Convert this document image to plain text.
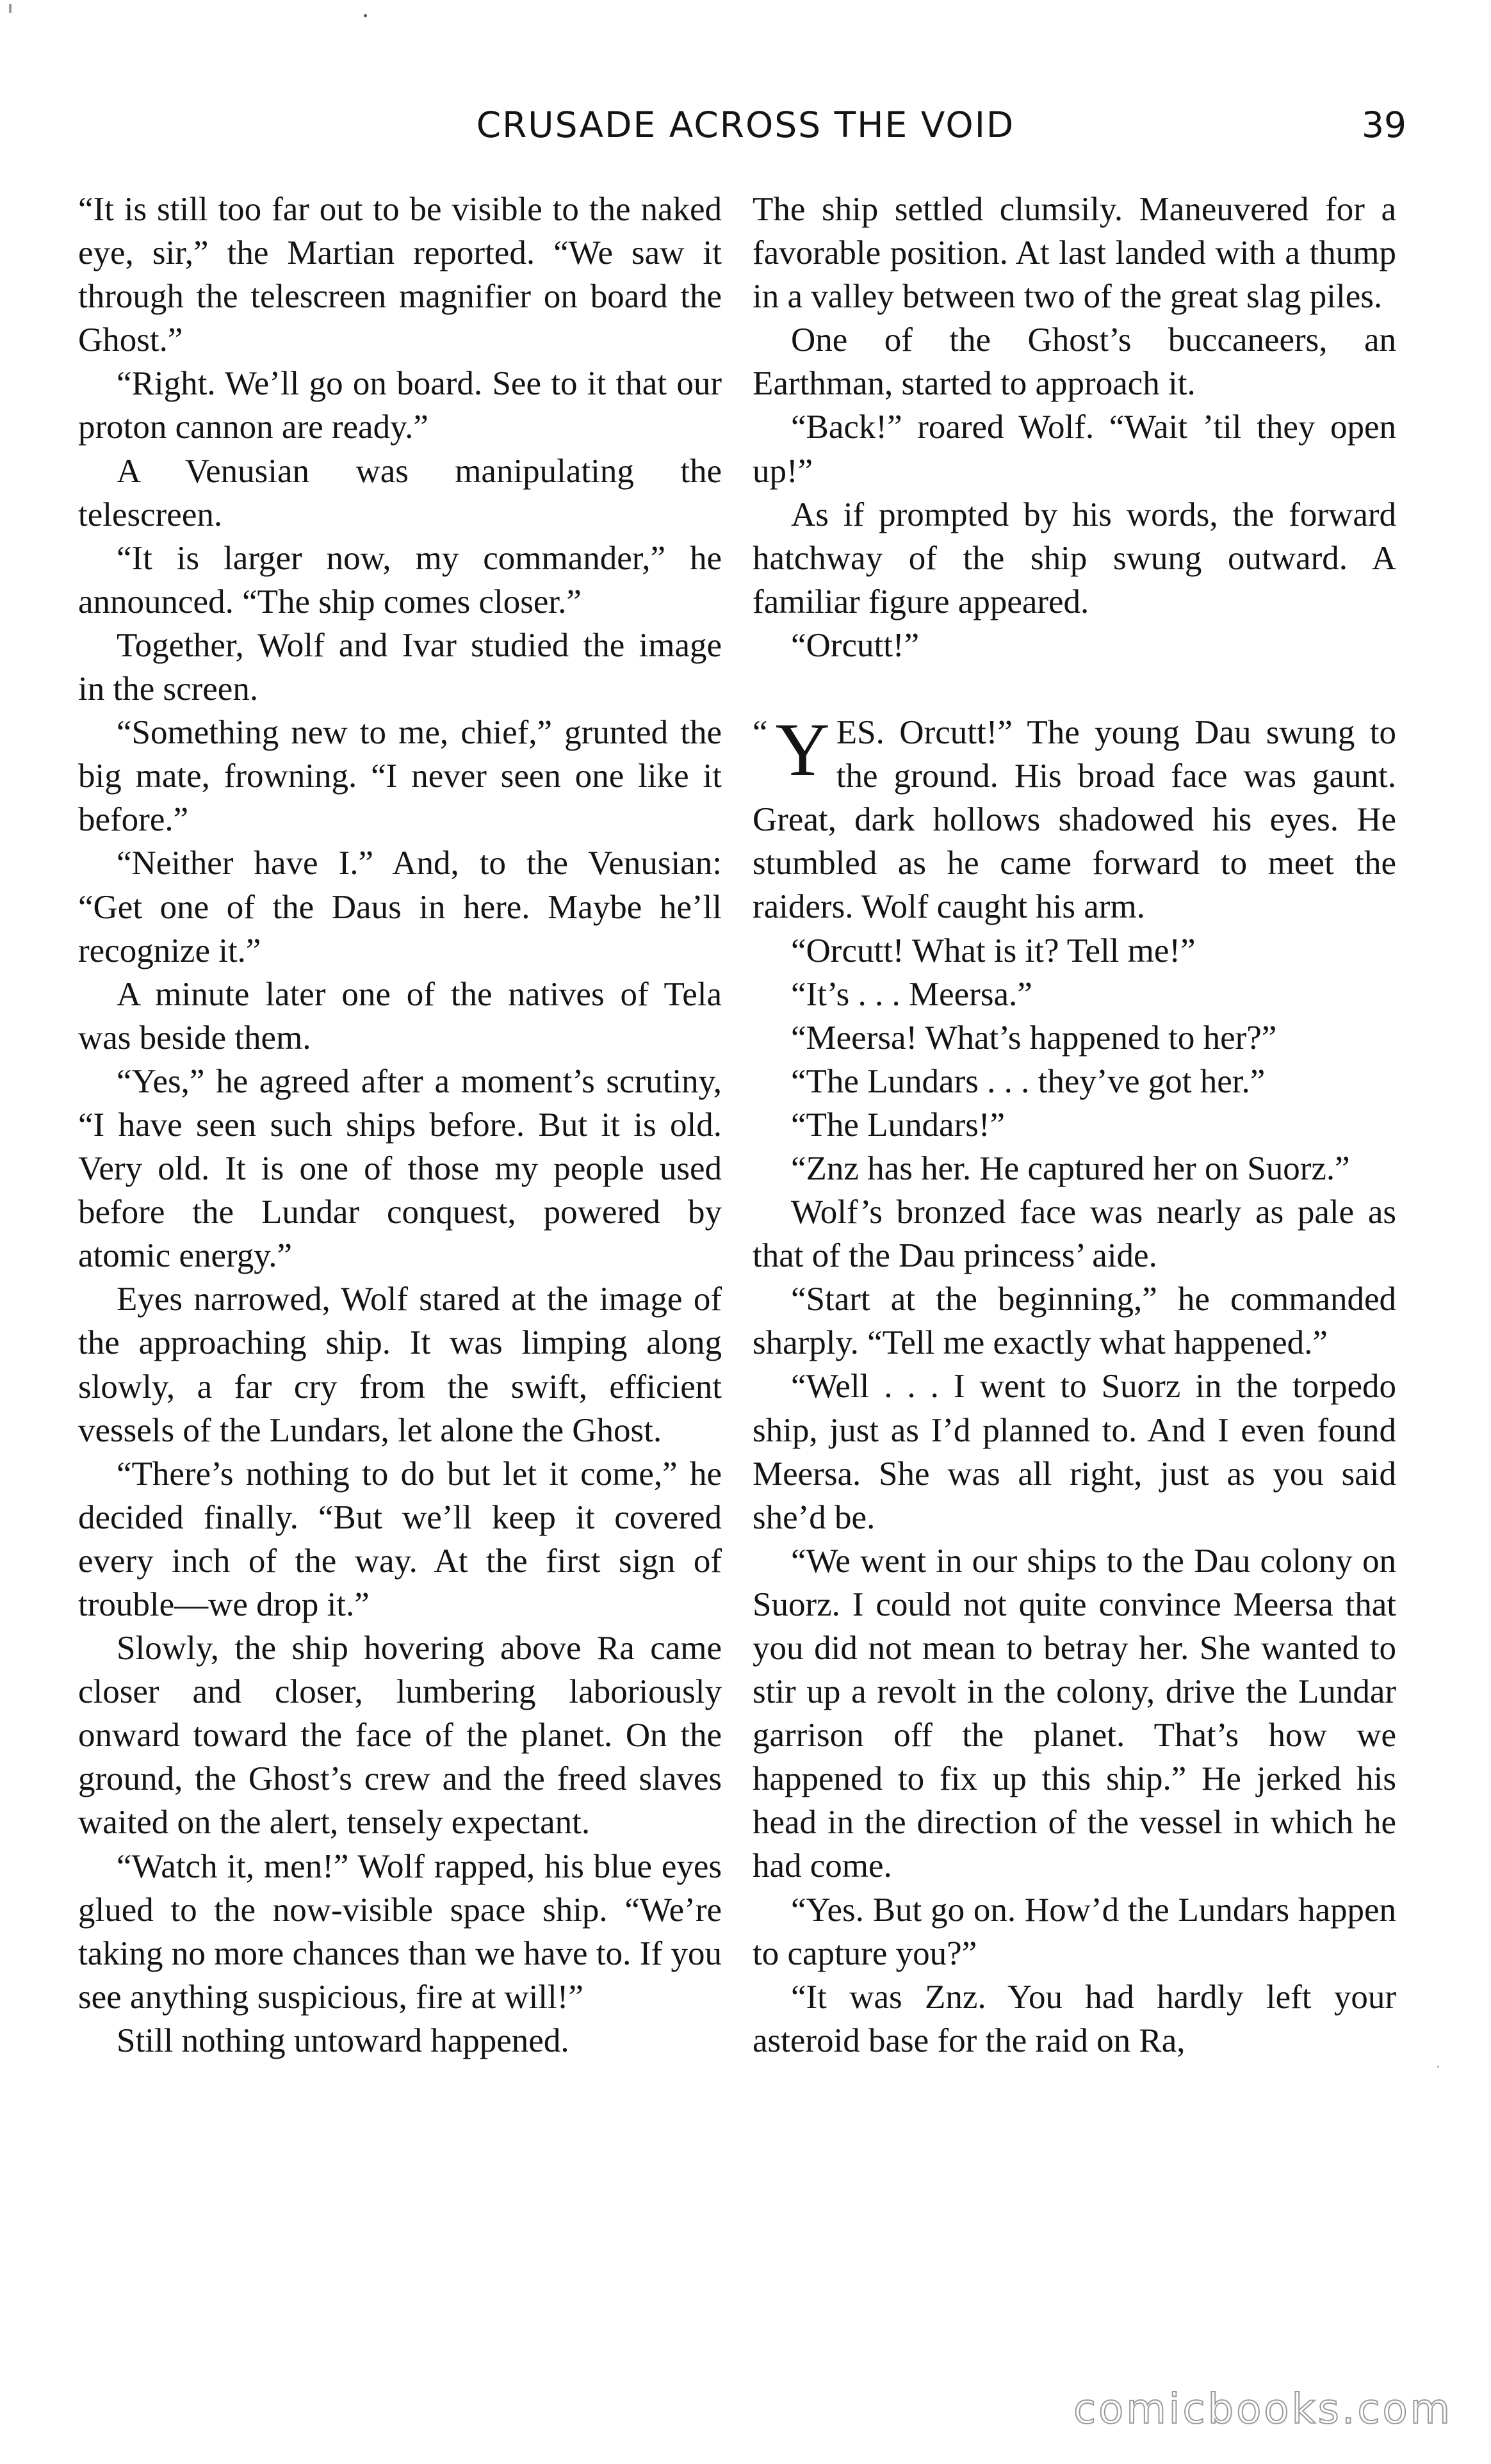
CRUSADE ACROSS THE VOID	39

“It is still too far out to be visible to the naked eye, sir,” the Martian reported. “We saw it through the telescreen magnifier on board the Ghost.”

“Right. We’ll go on board. See to it that our proton cannon are ready.”

A Venusian was manipulating the telescreen.

“It is larger now, my commander,” he announced. “The ship comes closer.”

Together, Wolf and Ivar studied the image in the screen.

“Something new to me, chief,” grunted the big mate, frowning. “I never seen one like it before.”

“Neither have I.” And, to the Venusian: “Get one of the Daus in here. Maybe he’ll recognize it.”

A minute later one of the natives of Tela was beside them.

“Yes,” he agreed after a moment’s scrutiny, “I have seen such ships before. But it is old. Very old. It is one of those my people used before the Lundar conquest, powered by atomic energy.”

Eyes narrowed, Wolf stared at the image of the approaching ship. It was limping along slowly, a far cry from the swift, efficient vessels of the Lundars, let alone the Ghost.

“There’s nothing to do but let it come,” he decided finally. “But we’ll keep it covered every inch of the way. At the first sign of trouble—we drop it.”

Slowly, the ship hovering above Ra came closer and closer, lumbering laboriously onward toward the face of the planet. On the ground, the Ghost’s crew and the freed slaves waited on the alert, tensely expectant.

“Watch it, men!” Wolf rapped, his blue eyes glued to the now-visible space ship. “We’re taking no more chances than we have to. If you see anything suspicious, fire at will!”

Still nothing untoward happened.

The ship settled clumsily. Maneuvered for a favorable position. At last landed with a thump in a valley between two of the great slag piles.

One of the Ghost’s buccaneers, an Earthman, started to approach it.

“Back!” roared Wolf. “Wait ’til they open up!”

As if prompted by his words, the forward hatchway of the ship swung outward. A familiar figure appeared.

“Orcutt!”

“ Y ES. Orcutt!” The young Dau swung to the ground. His broad face was gaunt. Great, dark hollows shadowed his eyes. He stumbled as he came forward to meet the raiders. Wolf caught his arm.

“Orcutt! What is it? Tell me!”

“It’s . . . Meersa.”

“Meersa! What’s happened to her?”

“The Lundars . . . they’ve got her.”

“The Lundars!”

“Znz has her. He captured her on Suorz.”

Wolf’s bronzed face was nearly as pale as that of the Dau princess’ aide.

“Start at the beginning,” he commanded sharply. “Tell me exactly what happened.”

“Well . . . I went to Suorz in the torpedo ship, just as I’d planned to. And I even found Meersa. She was all right, just as you said she’d be.

“We went in our ships to the Dau colony on Suorz. I could not quite convince Meersa that you did not mean to betray her. She wanted to stir up a revolt in the colony, drive the Lundar garrison off the planet. That’s how we happened to fix up this ship.” He jerked his head in the direction of the vessel in which he had come.

“Yes. But go on. How’d the Lundars happen to capture you?”

“It was Znz. You had hardly left your asteroid base for the raid on Ra,

comicbooks.com
